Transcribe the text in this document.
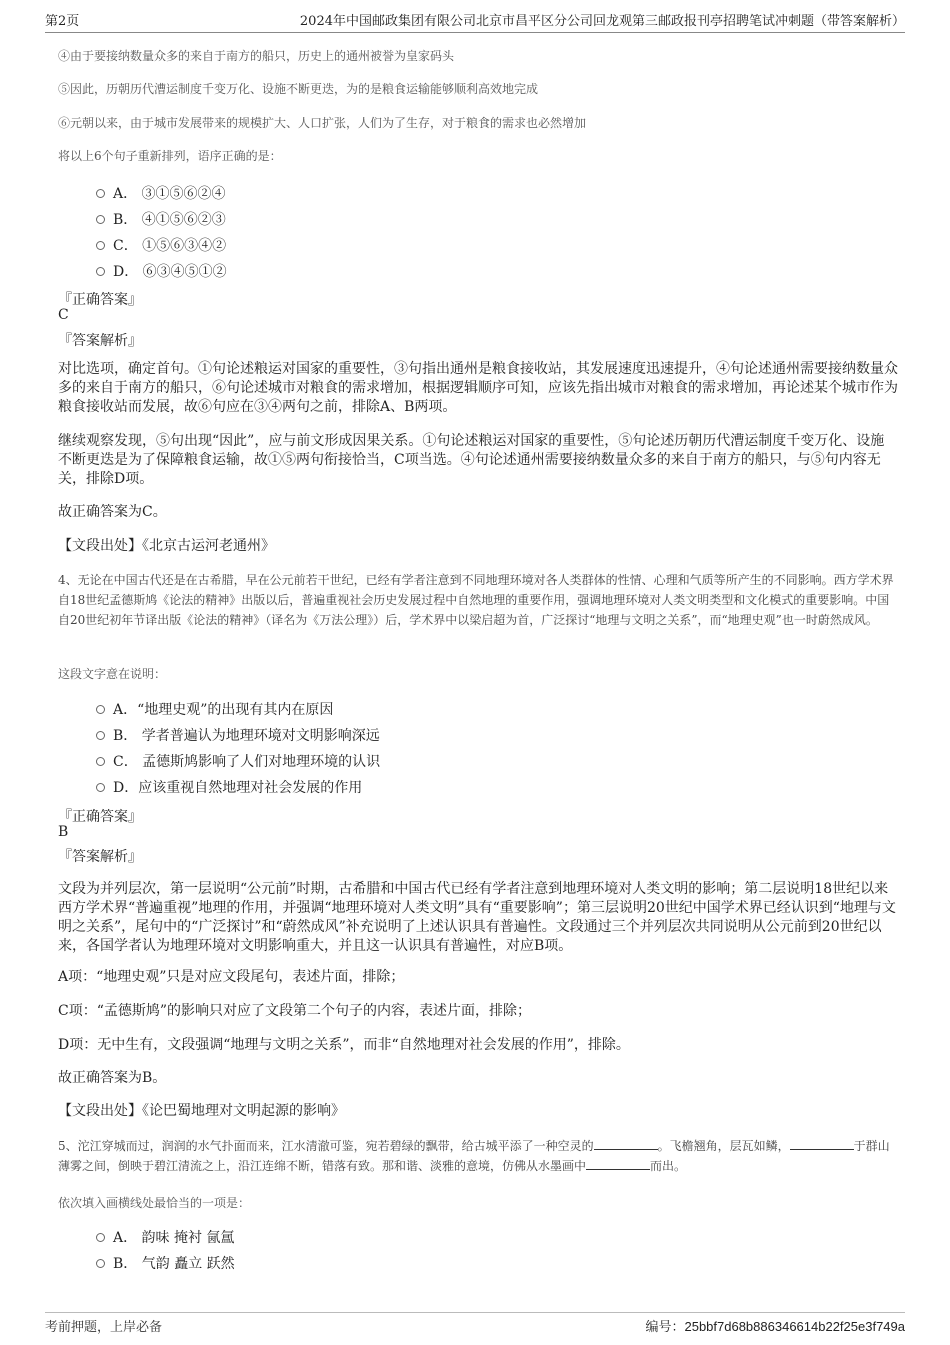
第2页	2024年中国邮政集团有限公司北京市昌平区分公司回龙观第三邮政报刊亭招聘笔试冲刺题（带答案解析）
④由于要接纳数量众多的来自于南方的船只，历史上的通州被誉为皇家码头
⑤因此，历朝历代漕运制度千变万化、设施不断更迭，为的是粮食运输能够顺利高效地完成
⑥元朝以来，由于城市发展带来的规模扩大、人口扩张，人们为了生存，对于粮食的需求也必然增加
将以上6个句子重新排列，语序正确的是：
A． ③①⑤⑥②④
B． ④①⑤⑥②③
C． ①⑤⑥③④②
D． ⑥③④⑤①②
『正确答案』
C
『答案解析』
对比选项，确定首句。①句论述粮运对国家的重要性，③句指出通州是粮食接收站，其发展速度迅速提升，④句论述通州需要接纳数量众多的来自于南方的船只，⑥句论述城市对粮食的需求增加，根据逻辑顺序可知，应该先指出城市对粮食的需求增加，再论述某个城市作为粮食接收站而发展，故⑥句应在③④两句之前，排除A、B两项。
继续观察发现，⑤句出现“因此”，应与前文形成因果关系。①句论述粮运对国家的重要性，⑤句论述历朝历代漕运制度千变万化、设施不断更迭是为了保障粮食运输，故①⑤两句衔接恰当，C项当选。④句论述通州需要接纳数量众多的来自于南方的船只，与⑤句内容无关，排除D项。
故正确答案为C。
【文段出处】《北京古运河老通州》
4、无论在中国古代还是在古希腊，早在公元前若干世纪，已经有学者注意到不同地理环境对各人类群体的性情、心理和气质等所产生的不同影响。西方学术界自18世纪孟德斯鸠《论法的精神》出版以后，普遍重视社会历史发展过程中自然地理的重要作用，强调地理环境对人类文明类型和文化模式的重要影响。中国自20世纪初年节译出版《论法的精神》（译名为《万法公理》）后，学术界中以梁启超为首，广泛探讨“地理与文明之关系”，而“地理史观”也一时蔚然成风。
这段文字意在说明：
A．“地理史观”的出现有其内在原因
B． 学者普遍认为地理环境对文明影响深远
C． 孟德斯鸠影响了人们对地理环境的认识
D．应该重视自然地理对社会发展的作用
『正确答案』
B
『答案解析』
文段为并列层次，第一层说明“公元前”时期，古希腊和中国古代已经有学者注意到地理环境对人类文明的影响；第二层说明18世纪以来西方学术界“普遍重视”地理的作用，并强调“地理环境对人类文明”具有“重要影响”；第三层说明20世纪中国学术界已经认识到“地理与文明之关系”，尾句中的“广泛探讨”和“蔚然成风”补充说明了上述认识具有普遍性。文段通过三个并列层次共同说明从公元前到20世纪以来，各国学者认为地理环境对文明影响重大，并且这一认识具有普遍性，对应B项。
A项：“地理史观”只是对应文段尾句，表述片面，排除；
C项：“孟德斯鸠”的影响只对应了文段第二个句子的内容，表述片面，排除；
D项：无中生有，文段强调“地理与文明之关系”，而非“自然地理对社会发展的作用”，排除。
故正确答案为B。
【文段出处】《论巴蜀地理对文明起源的影响》
5、沱江穿城而过，润润的水气扑面而来，江水清澈可鉴，宛若碧绿的飘带，给古城平添了一种空灵的	。飞檐翘角，层瓦如鳞，	于群山薄雾之间，倒映于碧江清流之上，沿江连绵不断，错落有致。那和谐、淡雅的意境，仿佛从水墨画中	而出。
依次填入画横线处最恰当的一项是：
A． 韵味 掩衬 氤氲
B． 气韵 矗立 跃然
考前押题，上岸必备	编号：25bbf7d68b886346614b22f25e3f749a
